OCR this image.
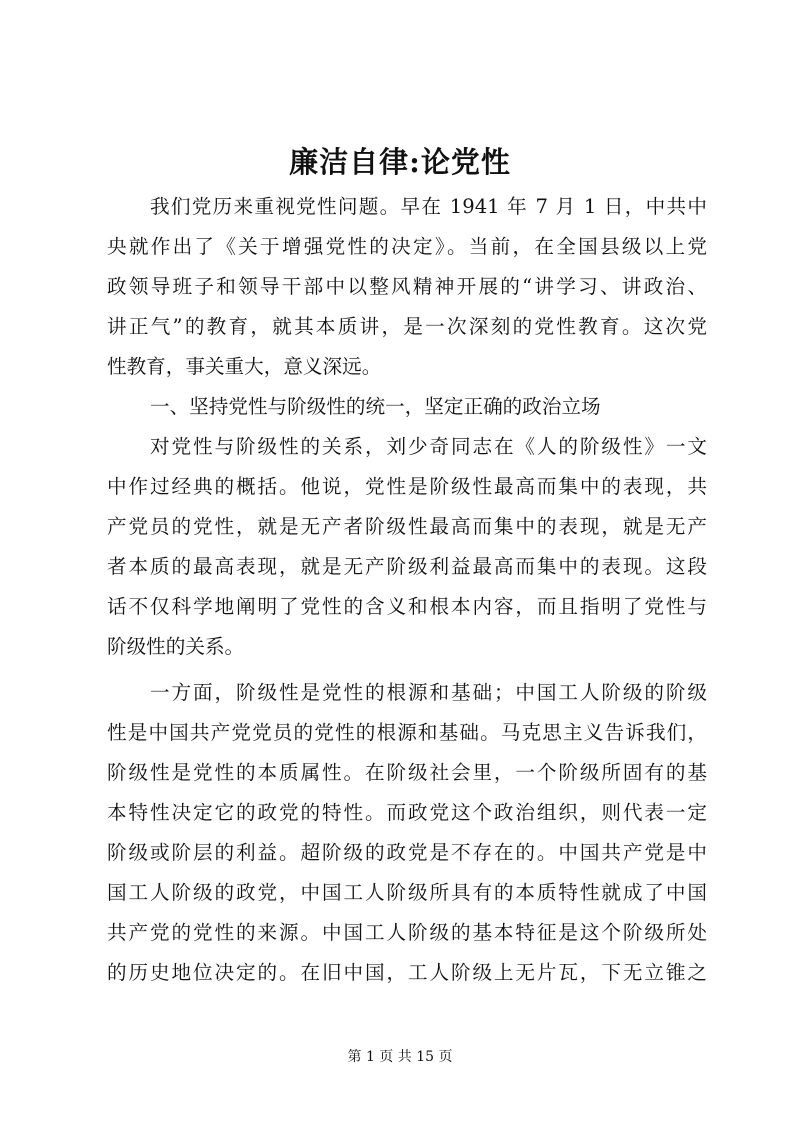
廉洁自律:论党性

我们党历来重视党性问题。早在 1941 年 7 月 1 日，中共中

央就作出了《关于增强党性的决定》。当前，在全国县级以上党

政领导班子和领导干部中以整风精神开展的“讲学习、讲政治、

讲正气”的教育，就其本质讲，是一次深刻的党性教育。这次党

性教育，事关重大，意义深远。

一、坚持党性与阶级性的统一，坚定正确的政治立场

对党性与阶级性的关系，刘少奇同志在《人的阶级性》一文

中作过经典的概括。他说，党性是阶级性最高而集中的表现，共

产党员的党性，就是无产者阶级性最高而集中的表现，就是无产

者本质的最高表现，就是无产阶级利益最高而集中的表现。这段

话不仅科学地阐明了党性的含义和根本内容，而且指明了党性与

阶级性的关系。

一方面，阶级性是党性的根源和基础；中国工人阶级的阶级

性是中国共产党党员的党性的根源和基础。马克思主义告诉我们，

阶级性是党性的本质属性。在阶级社会里，一个阶级所固有的基

本特性决定它的政党的特性。而政党这个政治组织，则代表一定

阶级或阶层的利益。超阶级的政党是不存在的。中国共产党是中

国工人阶级的政党，中国工人阶级所具有的本质特性就成了中国

共产党的党性的来源。中国工人阶级的基本特征是这个阶级所处

的历史地位决定的。在旧中国，工人阶级上无片瓦，下无立锥之

第 1 页 共 15 页
